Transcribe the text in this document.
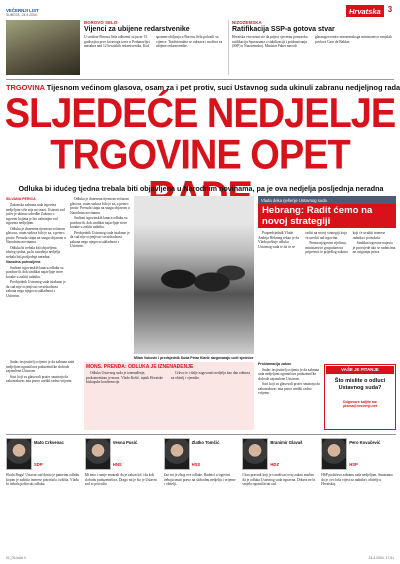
VEČERNJI LIST
SUBOTA, 24.4.2004.	Hrvatska 3
BOROVO SELO
Vijenci za ubijene redarstvenike
U srediste Borova Sela odlozeni su jucer 13. godisnjica prve krvavoga izrve u Podunavlju i masakra nad 12 hrvatskih redarstvenika. Kod spomen-obiljezja u Borovu Selu polozili su vijence. Tradicionalno se odrzava i molitva za ubijene redarstvenike.
NIZOZEMSKA
Ratifikacija SSP-a gotova stvar
Hrvatska vise nemi sto da prijeci sjevernu pomorsku ratifikaciju Sporazuma o stabilizaciji i pridruzivanju (SSP) u Nizozemskoj. Ministar Faber navodi glasnogovornice nizozemskoga ministarstva vanjskih poslova Caro de Bakker.
TRGOVINA Tijesnom većinom glasova, osam za i pet protiv, suci Ustavnog suda ukinuli zabranu nedjeljnog rada
SLJEDEĆE NEDJELJE
TRGOVINE OPET
Odluka bi idućeg tjedna trebala biti objavljena u Narodnim novinama, pa je ova nedjelja posljednja neradna
SILVANA PERICA

Zakonska zabrana rada trgovina nedjeljom više nije na snazi. Ustavni sud jučer je ukinuo odredbe Zakona o trgovini kojima je bio zabranjen rad trgovina nedjeljom.

Odluka je donesena tijesnom većinom glasova, osam sudaca bilo je za, a petero protiv. Presuda stupa na snagu objavom u Narodnim novinama.

Odluka bi trebala biti objavljena idućeg tjedna, pa bi sutrašnja nedjelja trebala biti posljednja neradna.

Narodna pohvaljena

Sudioni trgovinskih lanaca odluku su pozdravili, dok sindikat najavljuje nove korake u zaštiti radnika.

Predsjednik Ustavnog suda istaknuo je da sud nije ocjenjivao svrsishodnost zakona nego njegovu sukladnost s Ustavom.

Odluka je donesena tijesnom većinom glasova, osam sudaca bilo je za, a petero protiv. Presuda stupa na snagu objavom u Narodnim novinama.

Sudioni trgovinskih lanaca odluku su pozdravili, dok sindikat najavljuje nove korake u zaštiti radnika.

Predsjednik Ustavnog suda istaknuo je da sud nije ocjenjivao svrsishodnost zakona nego njegovu sukladnost s Ustavom.

Milan Vuković i predsjednik Suda Petar Klarić razgovaraju uoči sjednice
Vlada deka rješenje Ustavnog suda
Hebrang: Radit ćemo na novoj strategiji

Potpredsjednik Vlade Andrija Hebrang rekao je da Vlada poštuje odluku Ustavnog suda te da će se raditi na novoj strategiji koja će urediti rad trgovina.

Prema njegovim riječima, ministarstvo gospodarstva pripremit će prijedlog zakona koji će uvažiti interese radnika i potrošača.

Sindikat trgovine najavio je prosvjede ako se radnicima ne osiguraju prava.

MONS. PRENDA: ODLUKA JE IZNENAĐENJE

Odluka Ustavnog suda je iznenađenje, prokomentirao je mons. Vlado Košić, tajnik Hrvatske biskupske konferencije.

Crkva će i dalje zagovarati nedjelju kao dan odmora za obitelj i vjernike.

Sudac izvjestitelj ocijenio je da zabrana rada nedjeljom ograničava poduzetničke slobode zajamčene Ustavom.

Suci koji su glasovali protiv smatraju da zakonodavac ima pravo urediti radno vrijeme.

Proklamacija zakon

Sudac izvjestitelj ocijenio je da zabrana rada nedjeljom ograničava poduzetničke slobode zajamčene Ustavom.

Suci koji su glasovali protiv smatraju da zakonodavac ima pravo urediti radno vrijeme.

VAŠE JE PITANJE
Što mislite o odluci Ustavnog suda?
Odgovore šaljite na: pisma@vecernji.net
Mato Crkvenac
SDP
Hvala Bogu! Ustavni sud donio je pametnu odluku kojom je zaštitio interese potrošača i tržišta. Vlada bi trebala poštovati odluku.
Vesna Pusić
HNS
Mi smo i ranije smatrali da je zakon loš i da krši slobodu poduzetništva. Drago mi je što je Ustavni sud to potvrdio.
Zlatko Tomčić
HSS
Žao mi je zbog ove odluke. Radnici u trgovini trebaju imati pravo na slobodnu nedjelju i vrijeme s obitelji.
Branimir Glavaš
HDZ
I kao pravnik koji je istraživao ovaj zakon mislim da je odluka Ustavnog suda ispravna. Država ne bi smjela ograničavati rad.
Pero Kovačević
HSP
HSP podržava zabranu rada nedjeljom. Smatramo da je ovo loša vijest za radnike i obitelji u Hrvatskoj.
01_03.indd 3	23.4.2004. 17:51
